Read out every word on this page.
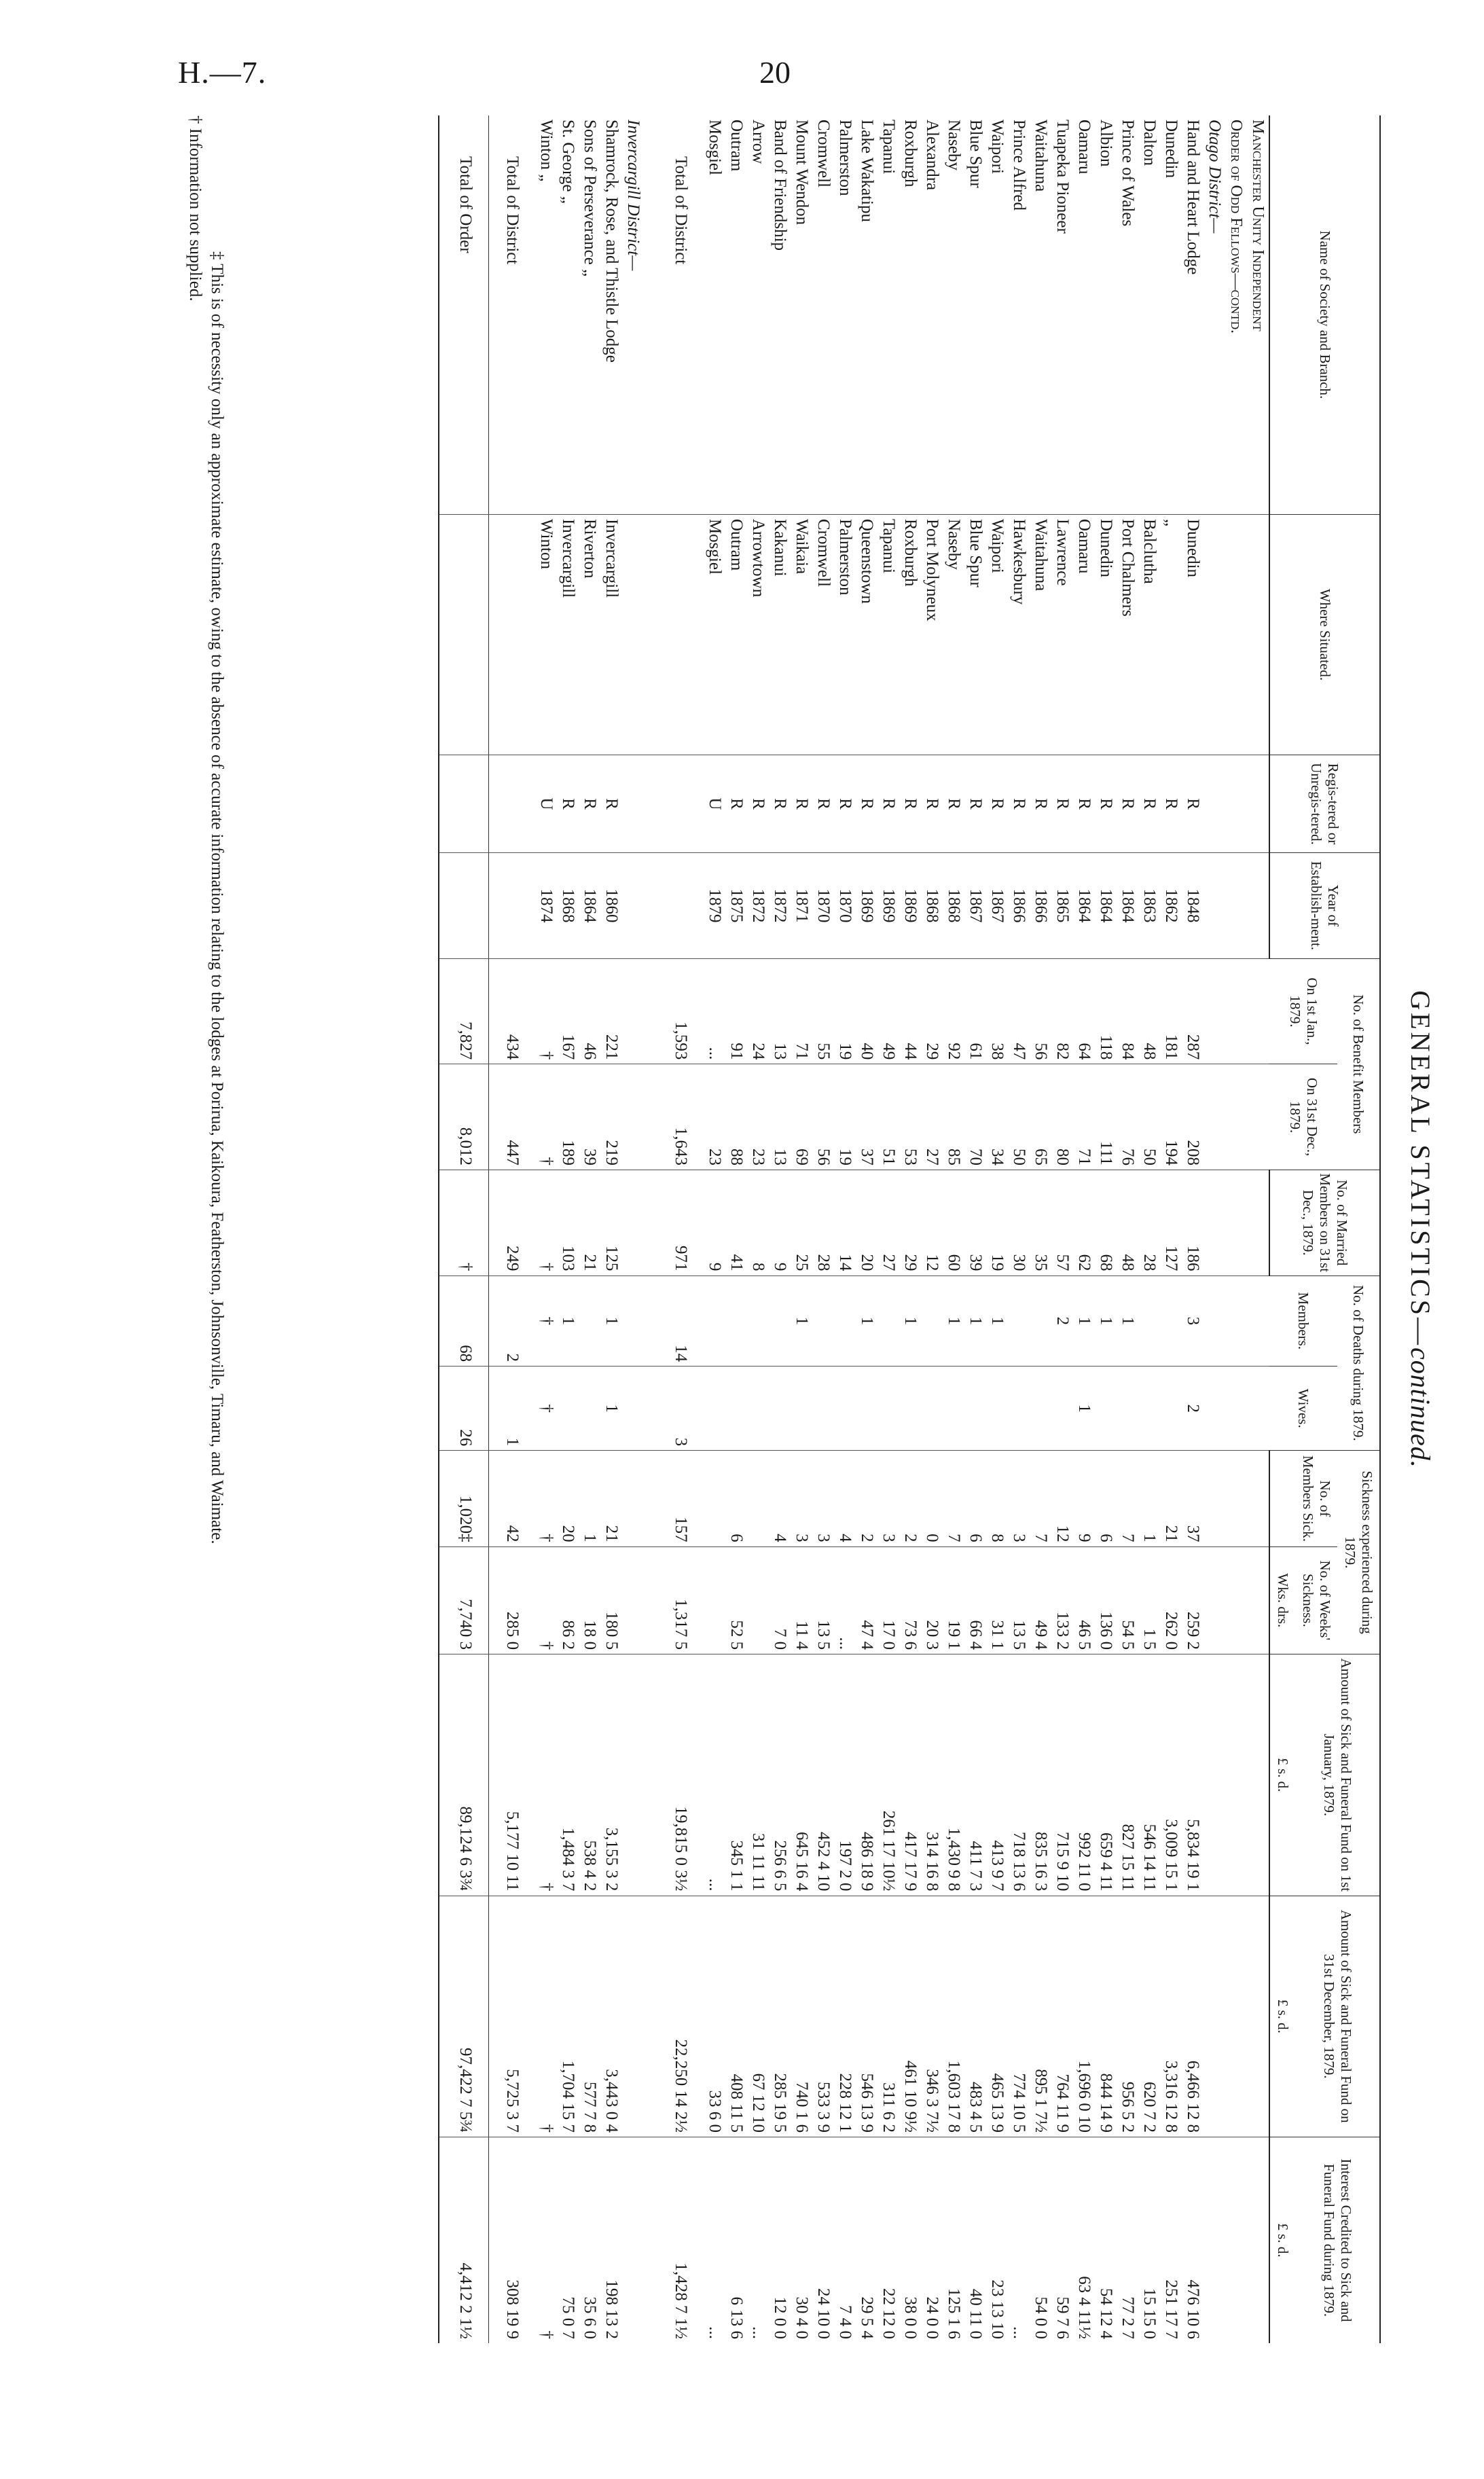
H.—7.	20
GENERAL STATISTICS—continued.
Name of Society and Branch.	Where Situated.	Regis-tered or Unregis-tered.	Year of Establish-ment.	No. of Benefit Members		No. of Married Members on 31st Dec., 1879.	No. of Deaths during 1879.		Sickness experienced during 1879.		Amount of Sick and Funeral Fund on 1st January, 1879.	Amount of Sick and Funeral Fund on 31st December, 1879.	Interest Credited to Sick and Funeral Fund during 1879.
				On 1st Jan., 1879.	On 31st Dec., 1879.		Members.	Wives.	No. of Members Sick.	No. of Weeks' Sickness.			
										Wks. drs.	£ s. d.	£ s. d.	£ s. d.
Manchester Unity Independent													
Order of Odd Fellows—contd.													
Otago District—													
Hand and Heart Lodge	Dunedin	R	1848	287	208	186	3	2	37	259 2	5,834 19 1	6,466 12 8	476 10 6
Dunedin	„	R	1862	181	194	127			21	262 0	3,009 15 1	3,316 12 8	251 17 7
Dalton	Balclutha	R	1863	48	50	28			1	1 5	546 14 11	620 7 2	15 15 0
Prince of Wales	Port Chalmers	R	1864	84	76	48	1		7	54 5	827 15 11	956 5 2	77 2 7
Albion	Dunedin	R	1864	118	111	68	1		6	136 0	659 4 11	844 14 9	54 12 4
Oamaru	Oamaru	R	1864	64	71	62	1	1	9	46 5	992 11 0	1,696 0 10	63 4 11½
Tuapeka Pioneer	Lawrence	R	1865	82	80	57	2		12	133 2	715 9 10	764 11 9	59 7 6
Waitahuna	Waitahuna	R	1866	56	65	35			7	49 4	835 16 3	895 1 7½	54 0 0
Prince Alfred	Hawkesbury	R	1866	47	50	30			3	13 5	718 13 6	774 10 5	...
Waipori	Waipori	R	1867	38	34	19	1		8	31 1	413 9 7	465 13 9	23 13 10
Blue Spur	Blue Spur	R	1867	61	70	39	1		6	66 4	411 7 3	483 4 5	40 11 0
Naseby	Naseby	R	1868	92	85	60	1		7	19 1	1,430 9 8	1,603 17 8	125 1 6
Alexandra	Port Molyneux	R	1868	29	27	12			0	20 3	314 16 8	346 3 7½	24 0 0
Roxburgh	Roxburgh	R	1869	44	53	29	1		2	73 6	417 17 9	461 10 9½	38 0 0
Tapanui	Tapanui	R	1869	49	51	27			3	17 0	261 17 10½	311 6 2	22 12 0
Lake Wakatipu	Queenstown	R	1869	40	37	20	1		2	47 4	486 18 9	546 13 9	29 5 4
Palmerston	Palmerston	R	1870	19	19	14			4	...	197 2 0	228 12 1	7 4 0
Cromwell	Cromwell	R	1870	55	56	28			3	13 5	452 4 10	533 3 9	24 10 0
Mount Wendon	Waikaia	R	1871	71	69	25	1		3	11 4	645 16 4	740 1 6	30 4 0
Band of Friendship	Kakanui	R	1872	13	13	9			4	7 0	256 6 5	285 19 5	12 0 0
Arrow	Arrowtown	R	1872	24	23	8					31 11 11	67 12 10	...
Outram	Outram	R	1875	91	88	41			6	52 5	345 1 1	408 11 5	6 13 6
Mosgiel	Mosgiel	U	1879	...	23	9					...	33 6 0	...
Total of District				1,593	1,643	971	14	3	157	1,317 5	19,815 0 3½	22,250 14 2½	1,428 7 1½

Invercargill District—													
Shamrock, Rose, and Thistle Lodge	Invercargill	R	1860	221	219	125	1	1	21	180 5	3,155 3 2	3,443 0 4	198 13 2
Sons of Perseverance „	Riverton	R	1864	46	39	21			1	18 0	538 4 2	577 7 8	35 6 0
St. George „	Invercargill	R	1868	167	189	103	1		20	86 2	1,484 3 7	1,704 15 7	75 0 7
Winton „	Winton	U	1874	†	†	†	†	†	†	†	†	†	†
Total of District				434	447	249	2	1	42	285 0	5,177 10 11	5,725 3 7	308 19 9
Total of Order				7,827	8,012	†	68	26	1,020‡	7,740 3	89,124 6 3¾	97,422 7 5¾	4,412 2 1½

‡ This is of necessity only an approximate estimate, owing to the absence of accurate information relating to the lodges at Porirua, Kaikoura, Featherston, Johnsonville, Timaru, and Waimate.
† Information not supplied.
